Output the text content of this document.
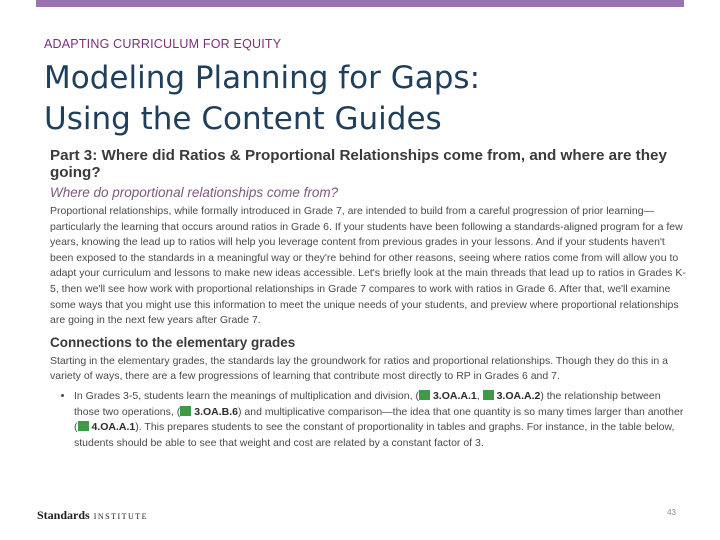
ADAPTING CURRICULUM FOR EQUITY
Modeling Planning for Gaps:
Using the Content Guides
Part 3: Where did Ratios & Proportional Relationships come from, and where are they going?
Where do proportional relationships come from?

Proportional relationships, while formally introduced in Grade 7, are intended to build from a careful progression of prior learning—particularly the learning that occurs around ratios in Grade 6. If your students have been following a standards-aligned program for a few years, knowing the lead up to ratios will help you leverage content from previous grades in your lessons. And if your students haven't been exposed to the standards in a meaningful way or they're behind for other reasons, seeing where ratios come from will allow you to adapt your curriculum and lessons to make new ideas accessible. Let's briefly look at the main threads that lead up to ratios in Grades K-5, then we'll see how work with proportional relationships in Grade 7 compares to work with ratios in Grade 6. After that, we'll examine some ways that you might use this information to meet the unique needs of your students, and preview where proportional relationships are going in the next few years after Grade 7.

Connections to the elementary grades

Starting in the elementary grades, the standards lay the groundwork for ratios and proportional relationships. Though they do this in a variety of ways, there are a few progressions of learning that contribute most directly to RP in Grades 6 and 7.

• In Grades 3-5, students learn the meanings of multiplication and division, ( 3.OA.A.1, 3.OA.A.2) the relationship between those two operations, ( 3.OA.B.6) and multiplicative comparison—the idea that one quantity is so many times larger than another ( 4.OA.A.1). This prepares students to see the constant of proportionality in tables and graphs. For instance, in the table below, students should be able to see that weight and cost are related by a constant factor of 3.
Standards INSTITUTE	43
